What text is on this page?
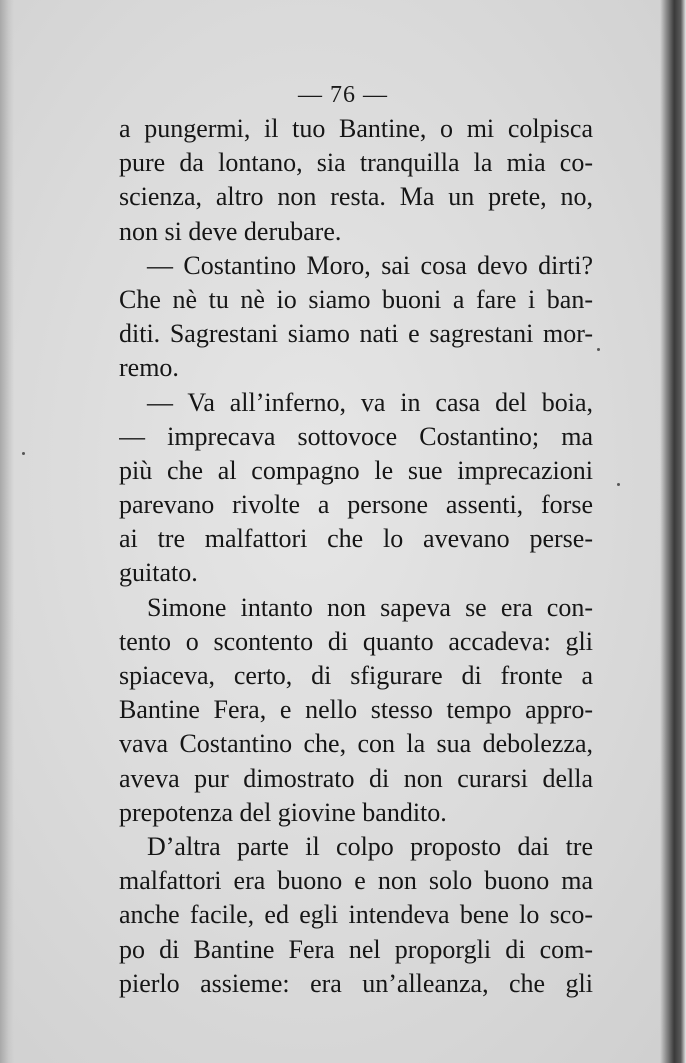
— 76 —
a pungermi, il tuo Bantine, o mi colpisca
pure da lontano, sia tranquilla la mia co-
scienza, altro non resta. Ma un prete, no,
non si deve derubare.
— Costantino Moro, sai cosa devo dirti?
Che nè tu nè io siamo buoni a fare i ban-
diti. Sagrestani siamo nati e sagrestani mor-
remo.
— Va all’inferno, va in casa del boia,
— imprecava sottovoce Costantino; ma
più che al compagno le sue imprecazioni
parevano rivolte a persone assenti, forse
ai tre malfattori che lo avevano perse-
guitato.
Simone intanto non sapeva se era con-
tento o scontento di quanto accadeva: gli
spiaceva, certo, di sfigurare di fronte a
Bantine Fera, e nello stesso tempo appro-
vava Costantino che, con la sua debolezza,
aveva pur dimostrato di non curarsi della
prepotenza del giovine bandito.
D’altra parte il colpo proposto dai tre
malfattori era buono e non solo buono ma
anche facile, ed egli intendeva bene lo sco-
po di Bantine Fera nel proporgli di com-
pierlo assieme: era un’alleanza, che gli
